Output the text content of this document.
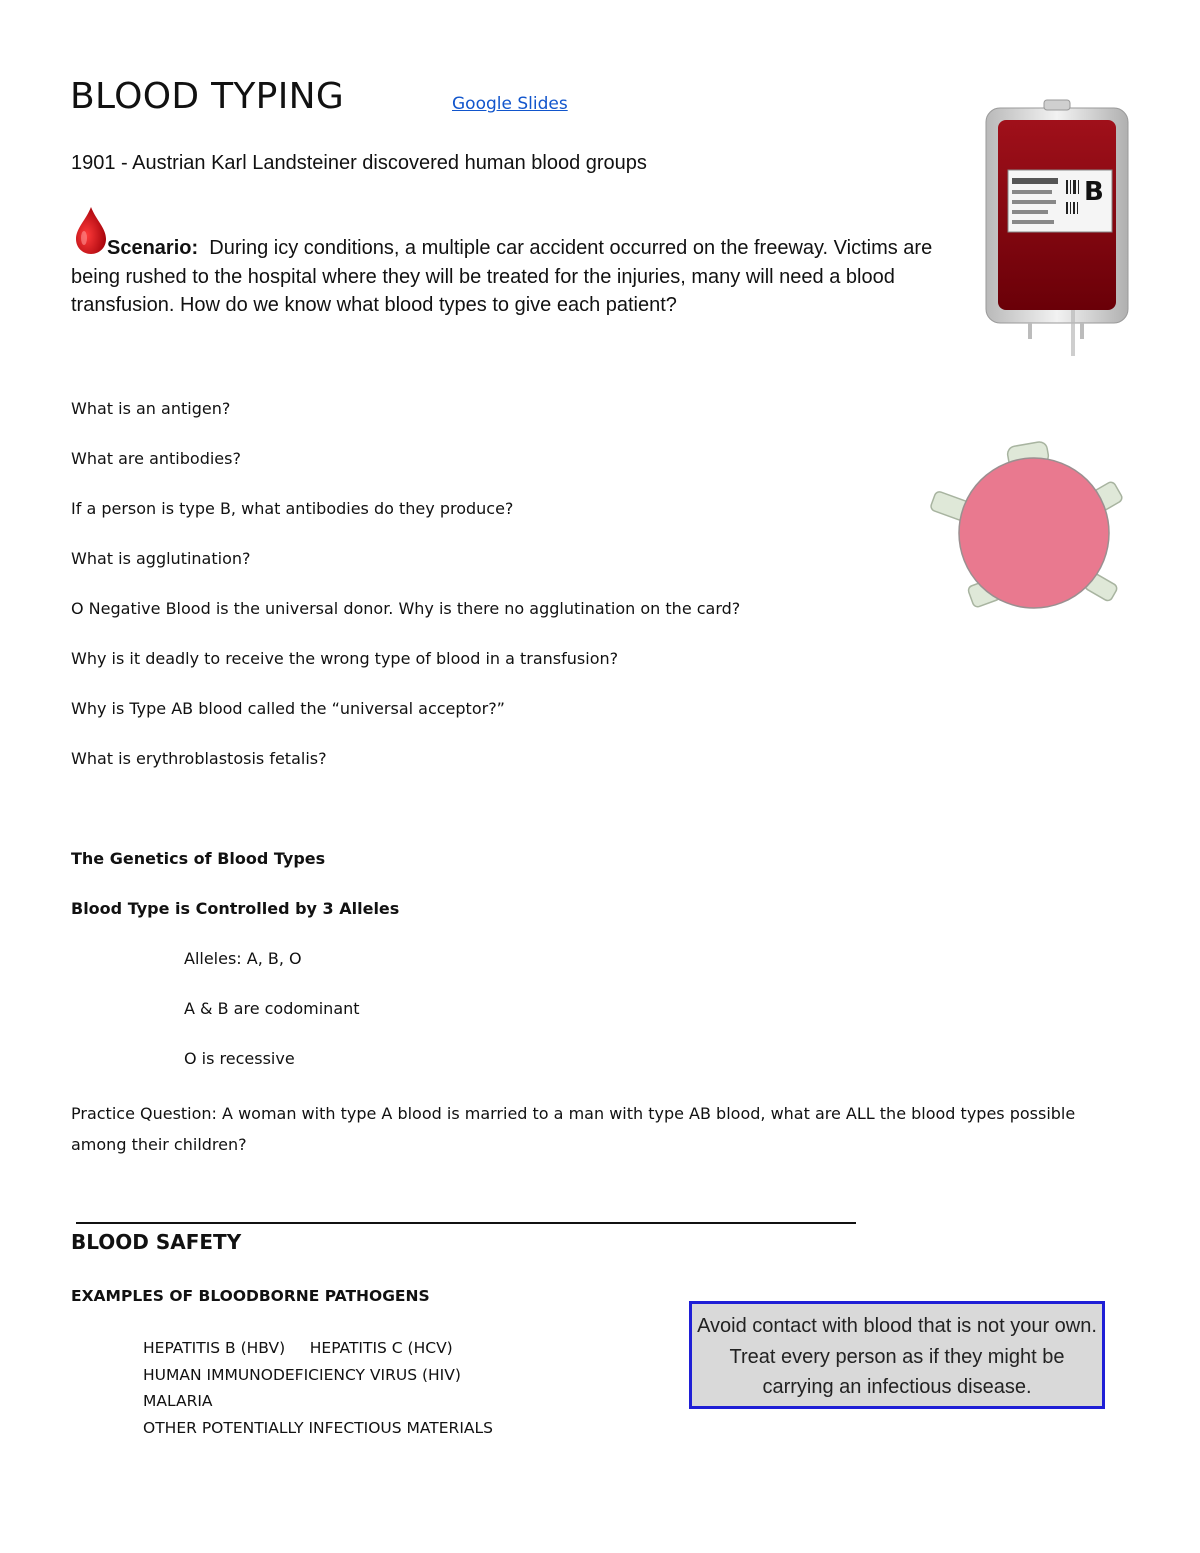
BLOOD TYPING	Google Slides
1901 - Austrian Karl Landsteiner discovered human blood groups
Scenario: During icy conditions, a multiple car accident occurred on the freeway. Victims are being rushed to the hospital where they will be treated for the injuries, many will need a blood transfusion. How do we know what blood types to give each patient?
B
What is an antigen?
What are antibodies?
If a person is type B, what antibodies do they produce?
What is agglutination?
O Negative Blood is the universal donor. Why is there no agglutination on the card?
Why is it deadly to receive the wrong type of blood in a transfusion?
Why is Type AB blood called the “universal acceptor?”
What is erythroblastosis fetalis?
The Genetics of Blood Types
Blood Type is Controlled by 3 Alleles
Alleles: A, B, O
A & B are codominant
O is recessive
Practice Question: A woman with type A blood is married to a man with type AB blood, what are ALL the blood types possible among their children?
BLOOD SAFETY
EXAMPLES OF BLOODBORNE PATHOGENS
HEPATITIS B (HBV)     HEPATITIS C (HCV)
HUMAN IMMUNODEFICIENCY VIRUS (HIV)
MALARIA
OTHER POTENTIALLY INFECTIOUS MATERIALS
Avoid contact with blood that is not your own. Treat every person as if they might be carrying an infectious disease.
